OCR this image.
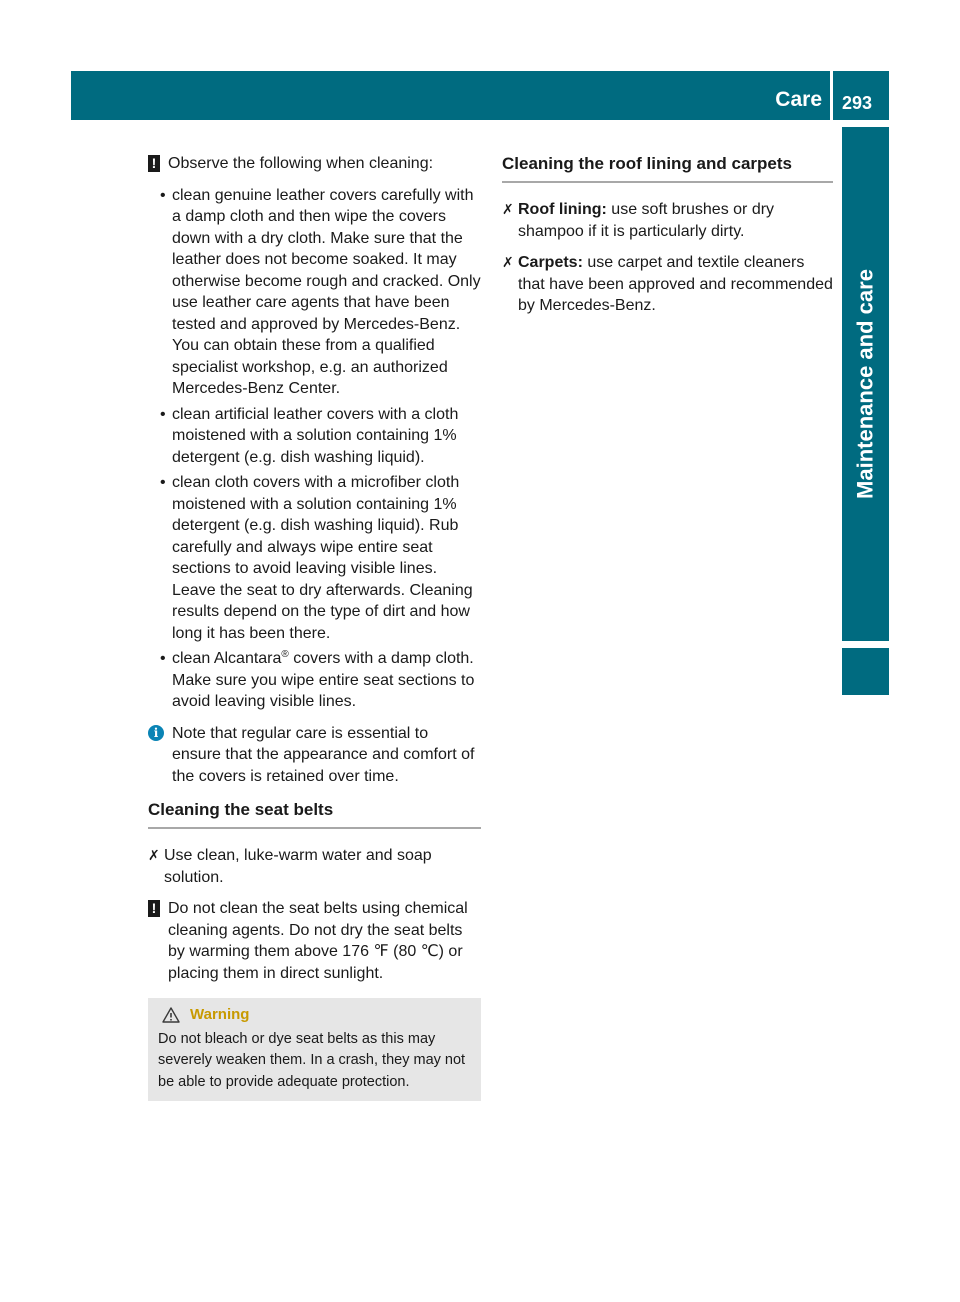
Care 293
Maintenance and care
! Observe the following when cleaning:
• clean genuine leather covers carefully with a damp cloth and then wipe the covers down with a dry cloth. Make sure that the leather does not become soaked. It may otherwise become rough and cracked. Only use leather care agents that have been tested and approved by Mercedes-Benz. You can obtain these from a qualified specialist workshop, e.g. an authorized Mercedes-Benz Center.
• clean artificial leather covers with a cloth moistened with a solution containing 1% detergent (e.g. dish washing liquid).
• clean cloth covers with a microfiber cloth moistened with a solution containing 1% detergent (e.g. dish washing liquid). Rub carefully and always wipe entire seat sections to avoid leaving visible lines. Leave the seat to dry afterwards. Cleaning results depend on the type of dirt and how long it has been there.
• clean Alcantara® covers with a damp cloth. Make sure you wipe entire seat sections to avoid leaving visible lines.
i Note that regular care is essential to ensure that the appearance and comfort of the covers is retained over time.
Cleaning the seat belts
✗ Use clean, luke-warm water and soap solution.
! Do not clean the seat belts using chemical cleaning agents. Do not dry the seat belts by warming them above 176 ℉ (80 ℃) or placing them in direct sunlight.
Warning
Do not bleach or dye seat belts as this may severely weaken them. In a crash, they may not be able to provide adequate protection.
Cleaning the roof lining and carpets
✗ Roof lining: use soft brushes or dry shampoo if it is particularly dirty.
✗ Carpets: use carpet and textile cleaners that have been approved and recommended by Mercedes-Benz.
